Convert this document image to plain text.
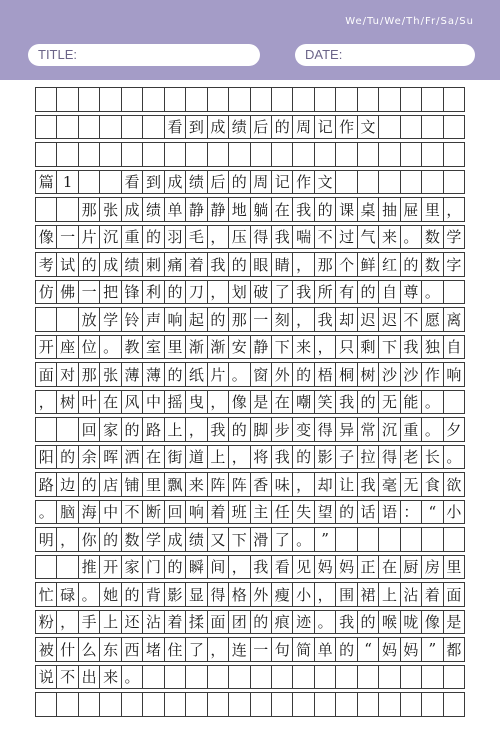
We/Tu/We/Th/Fr/Sa/Su
TITLE:	DATE:
看 到 成 绩 后 的 周 记 作 文
篇 1	看 到 成 绩 后 的 周 记 作 文
那 张 成 绩 单 静 静 地 躺 在 我 的 课 桌 抽 屉 里 ，
像 一 片 沉 重 的 羽 毛 ， 压 得 我 喘 不 过 气 来 。 数 学
考 试 的 成 绩 刺 痛 着 我 的 眼 睛 ， 那 个 鲜 红 的 数 字
仿 佛 一 把 锋 利 的 刀 ， 划 破 了 我 所 有 的 自 尊 。
放 学 铃 声 响 起 的 那 一 刻 ， 我 却 迟 迟 不 愿 离
开 座 位 。 教 室 里 渐 渐 安 静 下 来 ， 只 剩 下 我 独 自
面 对 那 张 薄 薄 的 纸 片 。 窗 外 的 梧 桐 树 沙 沙 作 响
， 树 叶 在 风 中 摇 曳 ， 像 是 在 嘲 笑 我 的 无 能 。
回 家 的 路 上 ， 我 的 脚 步 变 得 异 常 沉 重 。 夕
阳 的 余 晖 洒 在 街 道 上 ， 将 我 的 影 子 拉 得 老 长 。
路 边 的 店 铺 里 飘 来 阵 阵 香 味 ， 却 让 我 毫 无 食 欲
。 脑 海 中 不 断 回 响 着 班 主 任 失 望 的 话 语 ： “ 小
明 ， 你 的 数 学 成 绩 又 下 滑 了 。 ”
推 开 家 门 的 瞬 间 ， 我 看 见 妈 妈 正 在 厨 房 里
忙 碌 。 她 的 背 影 显 得 格 外 瘦 小 ， 围 裙 上 沾 着 面
粉 ， 手 上 还 沾 着 揉 面 团 的 痕 迹 。 我 的 喉 咙 像 是
被 什 么 东 西 堵 住 了 ， 连 一 句 简 单 的 “ 妈 妈 ” 都
说 不 出 来 。
